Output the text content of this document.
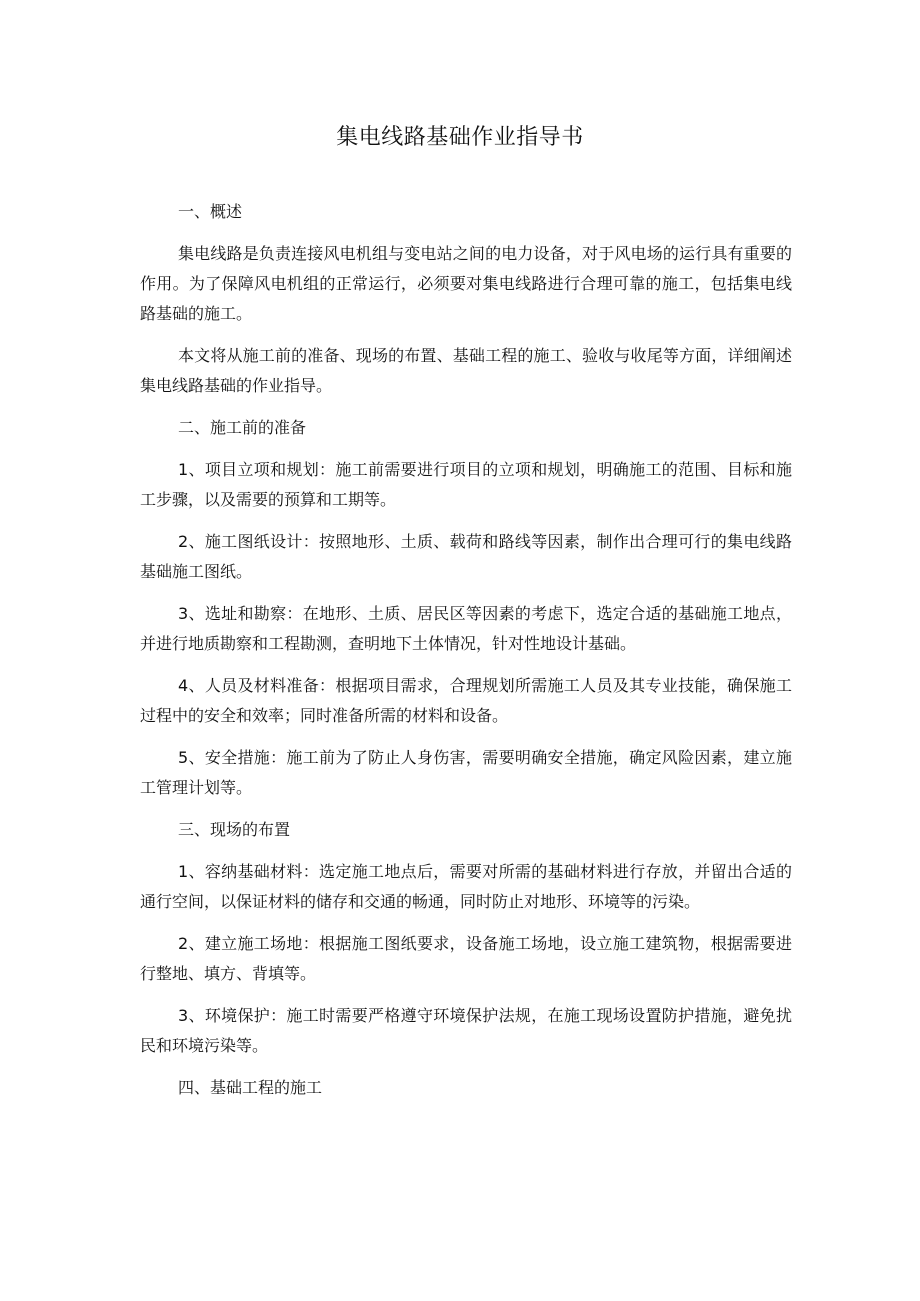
集电线路基础作业指导书

一、概述

集电线路是负责连接风电机组与变电站之间的电力设备，对于风电场的运行具有重要的作用。为了保障风电机组的正常运行，必须要对集电线路进行合理可靠的施工，包括集电线路基础的施工。

本文将从施工前的准备、现场的布置、基础工程的施工、验收与收尾等方面，详细阐述集电线路基础的作业指导。

二、施工前的准备

1、项目立项和规划：施工前需要进行项目的立项和规划，明确施工的范围、目标和施工步骤，以及需要的预算和工期等。

2、施工图纸设计：按照地形、土质、载荷和路线等因素，制作出合理可行的集电线路基础施工图纸。

3、选址和勘察：在地形、土质、居民区等因素的考虑下，选定合适的基础施工地点，并进行地质勘察和工程勘测，查明地下土体情况，针对性地设计基础。

4、人员及材料准备：根据项目需求，合理规划所需施工人员及其专业技能，确保施工过程中的安全和效率；同时准备所需的材料和设备。

5、安全措施：施工前为了防止人身伤害，需要明确安全措施，确定风险因素，建立施工管理计划等。

三、现场的布置

1、容纳基础材料：选定施工地点后，需要对所需的基础材料进行存放，并留出合适的通行空间，以保证材料的储存和交通的畅通，同时防止对地形、环境等的污染。

2、建立施工场地：根据施工图纸要求，设备施工场地，设立施工建筑物，根据需要进行整地、填方、背填等。

3、环境保护：施工时需要严格遵守环境保护法规，在施工现场设置防护措施，避免扰民和环境污染等。

四、基础工程的施工
